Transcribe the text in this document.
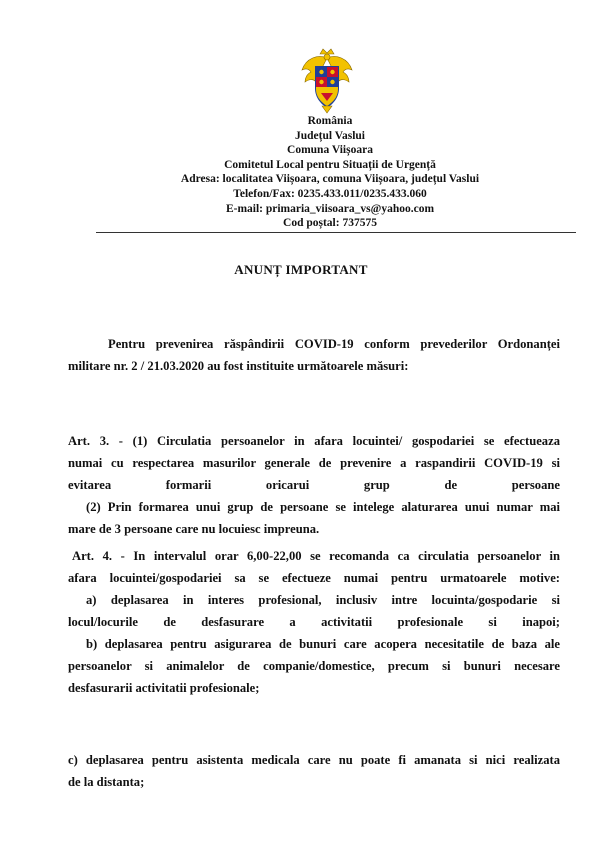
România
Județul Vaslui
Comuna Viișoara
Comitetul Local pentru Situații de Urgență
Adresa: localitatea Viișoara, comuna Viișoara, județul Vaslui
Telefon/Fax: 0235.433.011/0235.433.060
E-mail: primaria_viisoara_vs@yahoo.com
Cod poștal: 737575
ANUNȚ IMPORTANT
Pentru prevenirea răspândirii COVID-19 conform prevederilor Ordonanței
militare nr. 2 / 21.03.2020 au fost instituite următoarele măsuri:
Art. 3. - (1) Circulatia persoanelor in afara locuintei/ gospodariei se efectueaza
numai cu respectarea masurilor generale de prevenire a raspandirii COVID-19 si
evitarea formarii oricarui grup de persoane
(2) Prin formarea unui grup de persoane se intelege alaturarea unui numar mai
mare de 3 persoane care nu locuiesc impreuna.
Art. 4. - In intervalul orar 6,00-22,00 se recomanda ca circulatia persoanelor in
afara locuintei/gospodariei sa se efectueze numai pentru urmatoarele motive:
a) deplasarea in interes profesional, inclusiv intre locuinta/gospodarie si
locul/locurile de desfasurare a activitatii profesionale si inapoi;
b) deplasarea pentru asigurarea de bunuri care acopera necesitatile de baza ale
persoanelor si animalelor de companie/domestice, precum si bunuri necesare
desfasurarii activitatii profesionale;
c) deplasarea pentru asistenta medicala care nu poate fi amanata si nici realizata
de la distanta;
